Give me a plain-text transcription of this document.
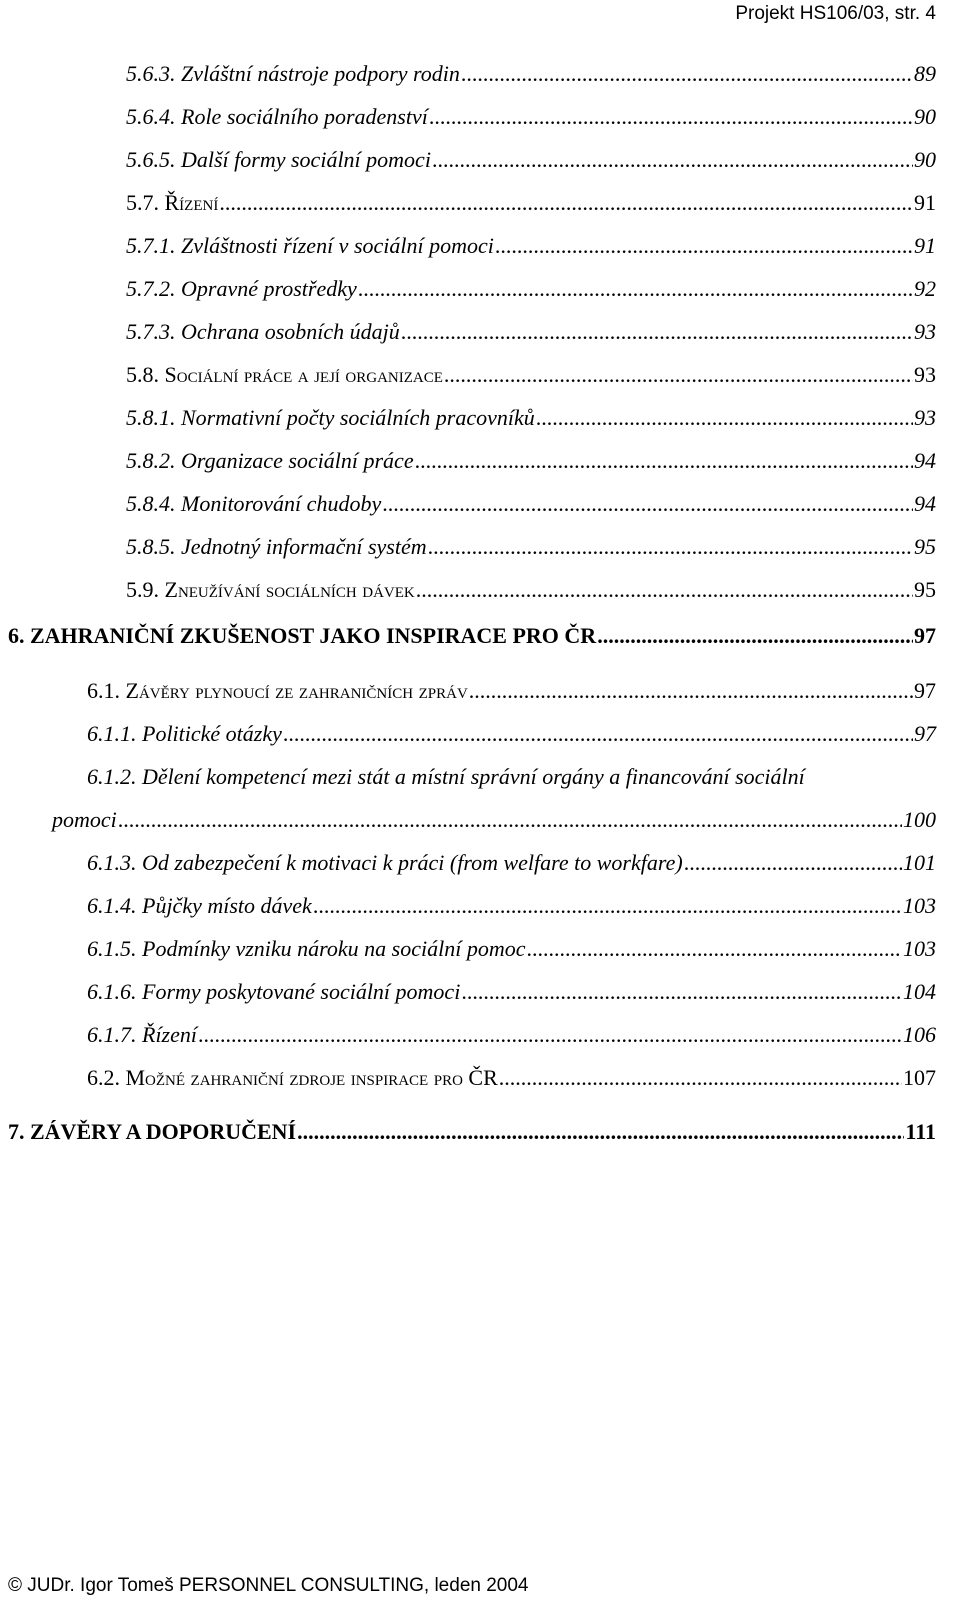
Projekt HS106/03, str. 4
5.6.3. Zvláštní nástroje podpory rodin .....	89
5.6.4. Role sociálního poradenství .....	90
5.6.5. Další formy sociální pomoci .....	90
5.7. Řízení .....	91
5.7.1. Zvláštnosti řízení v sociální pomoci .....	91
5.7.2. Opravné prostředky .....	92
5.7.3. Ochrana osobních údajů .....	93
5.8. Sociální práce a její organizace .....	93
5.8.1. Normativní počty sociálních pracovníků .....	93
5.8.2. Organizace sociální práce .....	94
5.8.4. Monitorování chudoby .....	94
5.8.5. Jednotný informační systém .....	95
5.9. Zneužívání sociálních dávek .....	95
6. ZAHRANIČNÍ ZKUŠENOST JAKO INSPIRACE PRO ČR .....	97
6.1. Závěry plynoucí ze zahraničních zpráv .....	97
6.1.1. Politické otázky .....	97
6.1.2. Dělení kompetencí mezi stát a místní správní orgány a financování sociální
pomoci .....	100
6.1.3. Od zabezpečení k motivaci k práci (from welfare to workfare) .....	101
6.1.4. Půjčky místo dávek .....	103
6.1.5. Podmínky vzniku nároku na sociální pomoc .....	103
6.1.6. Formy poskytované sociální pomoci .....	104
6.1.7. Řízení .....	106
6.2. Možné zahraniční zdroje inspirace pro ČR .....	107
7. ZÁVĚRY A DOPORUČENÍ .....	111
© JUDr. Igor Tomeš PERSONNEL CONSULTING, leden 2004
